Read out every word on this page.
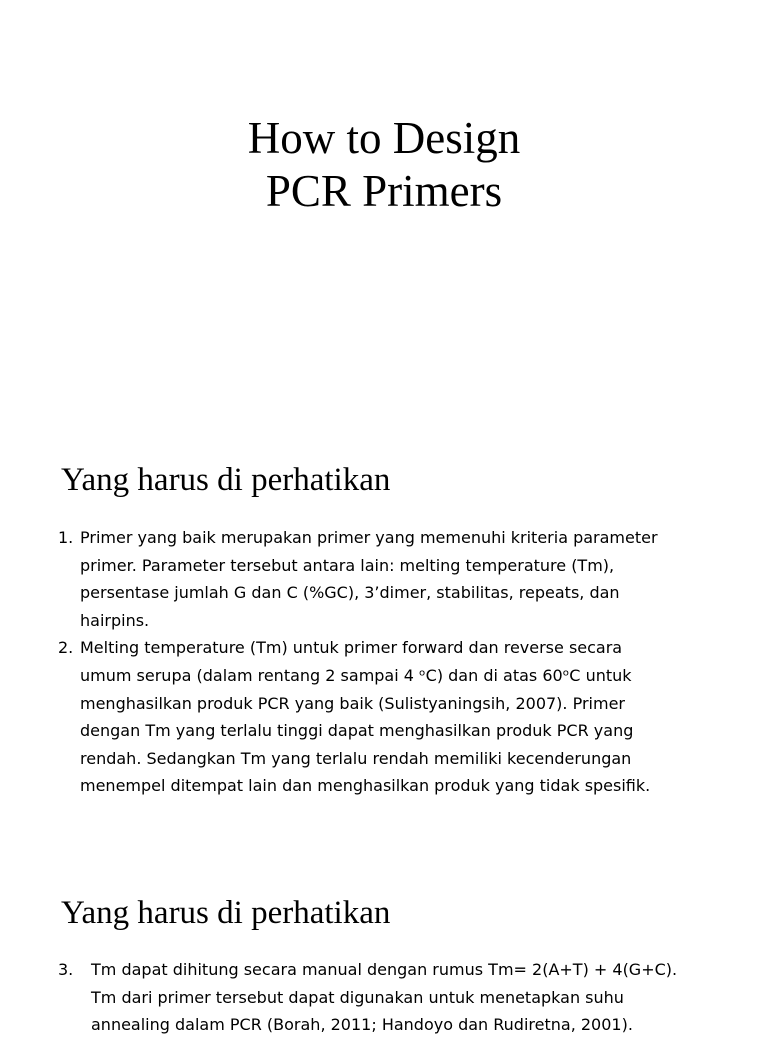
How to Design
PCR Primers
Yang harus di perhatikan
1. Primer yang baik merupakan primer yang memenuhi kriteria parameter
primer. Parameter tersebut antara lain: melting temperature (Tm),
persentase jumlah G dan C (%GC), 3’dimer, stabilitas, repeats, dan
hairpins.
2. Melting temperature (Tm) untuk primer forward dan reverse secara
umum serupa (dalam rentang 2 sampai 4 ᵒC) dan di atas 60ᵒC untuk
menghasilkan produk PCR yang baik (Sulistyaningsih, 2007). Primer
dengan Tm yang terlalu tinggi dapat menghasilkan produk PCR yang
rendah. Sedangkan Tm yang terlalu rendah memiliki kecenderungan
menempel ditempat lain dan menghasilkan produk yang tidak spesifik.
Yang harus di perhatikan
3. Tm dapat dihitung secara manual dengan rumus Tm= 2(A+T) + 4(G+C).
Tm dari primer tersebut dapat digunakan untuk menetapkan suhu
annealing dalam PCR (Borah, 2011; Handoyo dan Rudiretna, 2001).
